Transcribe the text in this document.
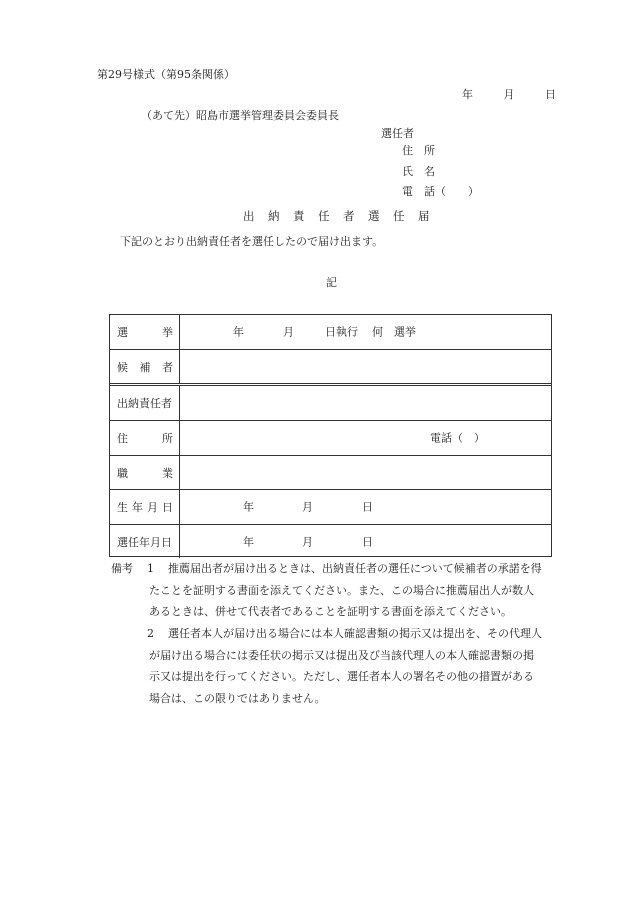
第29号様式（第95条関係）
年	月	日
（あて先）昭島市選挙管理委員会委員長
選任者
住　所
氏　名
電　話（　　）
出納責任者選任届
下記のとおり出納責任者を選任したので届け出ます。
記
選　挙	年	月	日執行 何　選挙
候補者
出納責任者
住　所	電話（　）
職　業
生年月日	年	月	日
選任年月日	年	月	日
備考 1 推薦届出者が届け出るときは、出納責任者の選任について候補者の承諾を得
たことを証明する書面を添えてください。また、この場合に推薦届出人が数人
あるときは、併せて代表者であることを証明する書面を添えてください。
2 選任者本人が届け出る場合には本人確認書類の掲示又は提出を、その代理人
が届け出る場合には委任状の掲示又は提出及び当該代理人の本人確認書類の掲
示又は提出を行ってください。ただし、選任者本人の署名その他の措置がある
場合は、この限りではありません。
